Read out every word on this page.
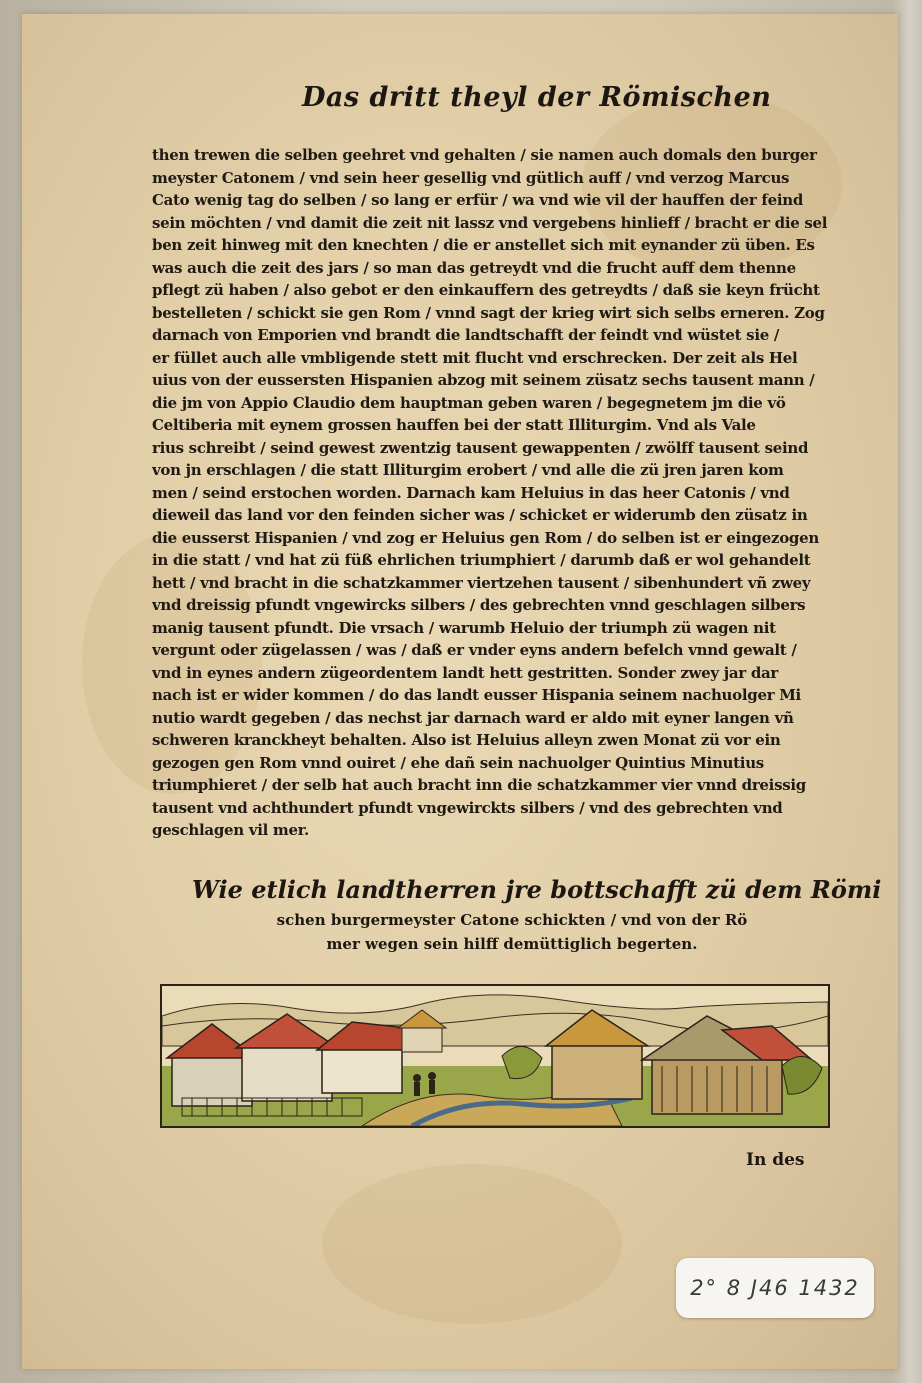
Das dritt theyl der Römischen
then trewen die selben geehret vnd gehalten / sie namen auch domals den burger
meyster Catonem / vnd sein heer gesellig vnd gütlich auff / vnd verzog Marcus
Cato wenig tag do selben / so lang er erfür / wa vnd wie vil der hauffen der feind
sein möchten / vnd damit die zeit nit lassz vnd vergebens hinlieff / bracht er die sel
ben zeit hinweg mit den knechten / die er anstellet sich mit eynander zü üben. Es
was auch die zeit des jars / so man das getreydt vnd die frucht auff dem thenne
pflegt zü haben / also gebot er den einkauffern des getreydts / daß sie keyn frücht
bestelleten / schickt sie gen Rom / vnnd sagt der krieg wirt sich selbs erneren. Zog
darnach von Emporien vnd brandt die landtschafft der feindt vnd wüstet sie /
er füllet auch alle vmbligende stett mit flucht vnd erschrecken. Der zeit als Hel
uius von der eussersten Hispanien abzog mit seinem züsatz sechs tausent mann /
die jm von Appio Claudio dem hauptman geben waren / begegnetem jm die vö
Celtiberia mit eynem grossen hauffen bei der statt Illiturgim. Vnd als Vale
rius schreibt / seind gewest zwentzig tausent gewappenten / zwölff tausent seind
von jn erschlagen / die statt Illiturgim erobert / vnd alle die zü jren jaren kom
men / seind erstochen worden. Darnach kam Heluius in das heer Catonis / vnd
dieweil das land vor den feinden sicher was / schicket er widerumb den züsatz in
die eusserst Hispanien / vnd zog er Heluius gen Rom / do selben ist er eingezogen
in die statt / vnd hat zü füß ehrlichen triumphiert / darumb daß er wol gehandelt
hett / vnd bracht in die schatzkammer viertzehen tausent / sibenhundert vñ zwey
vnd dreissig pfundt vngewircks silbers / des gebrechten vnnd geschlagen silbers
manig tausent pfundt. Die vrsach / warumb Heluio der triumph zü wagen nit
vergunt oder zügelassen / was / daß er vnder eyns andern befelch vnnd gewalt /
vnd in eynes andern zügeordentem landt hett gestritten. Sonder zwey jar dar
nach ist er wider kommen / do das landt eusser Hispania seinem nachuolger Mi
nutio wardt gegeben / das nechst jar darnach ward er aldo mit eyner langen vñ
schweren kranckheyt behalten. Also ist Heluius alleyn zwen Monat zü vor ein
gezogen gen Rom vnnd ouiret / ehe dañ sein nachuolger Quintius Minutius
triumphieret / der selb hat auch bracht inn die schatzkammer vier vnnd dreissig
tausent vnd achthundert pfundt vngewirckts silbers / vnd des gebrechten vnd
geschlagen vil mer.
Wie etlich landtherren jre bottschafft zü dem Römi
schen burgermeyster Catone schickten / vnd von der Rö
mer wegen sein hilff demüttiglich begerten.
In des
2° 8 J46 1432
